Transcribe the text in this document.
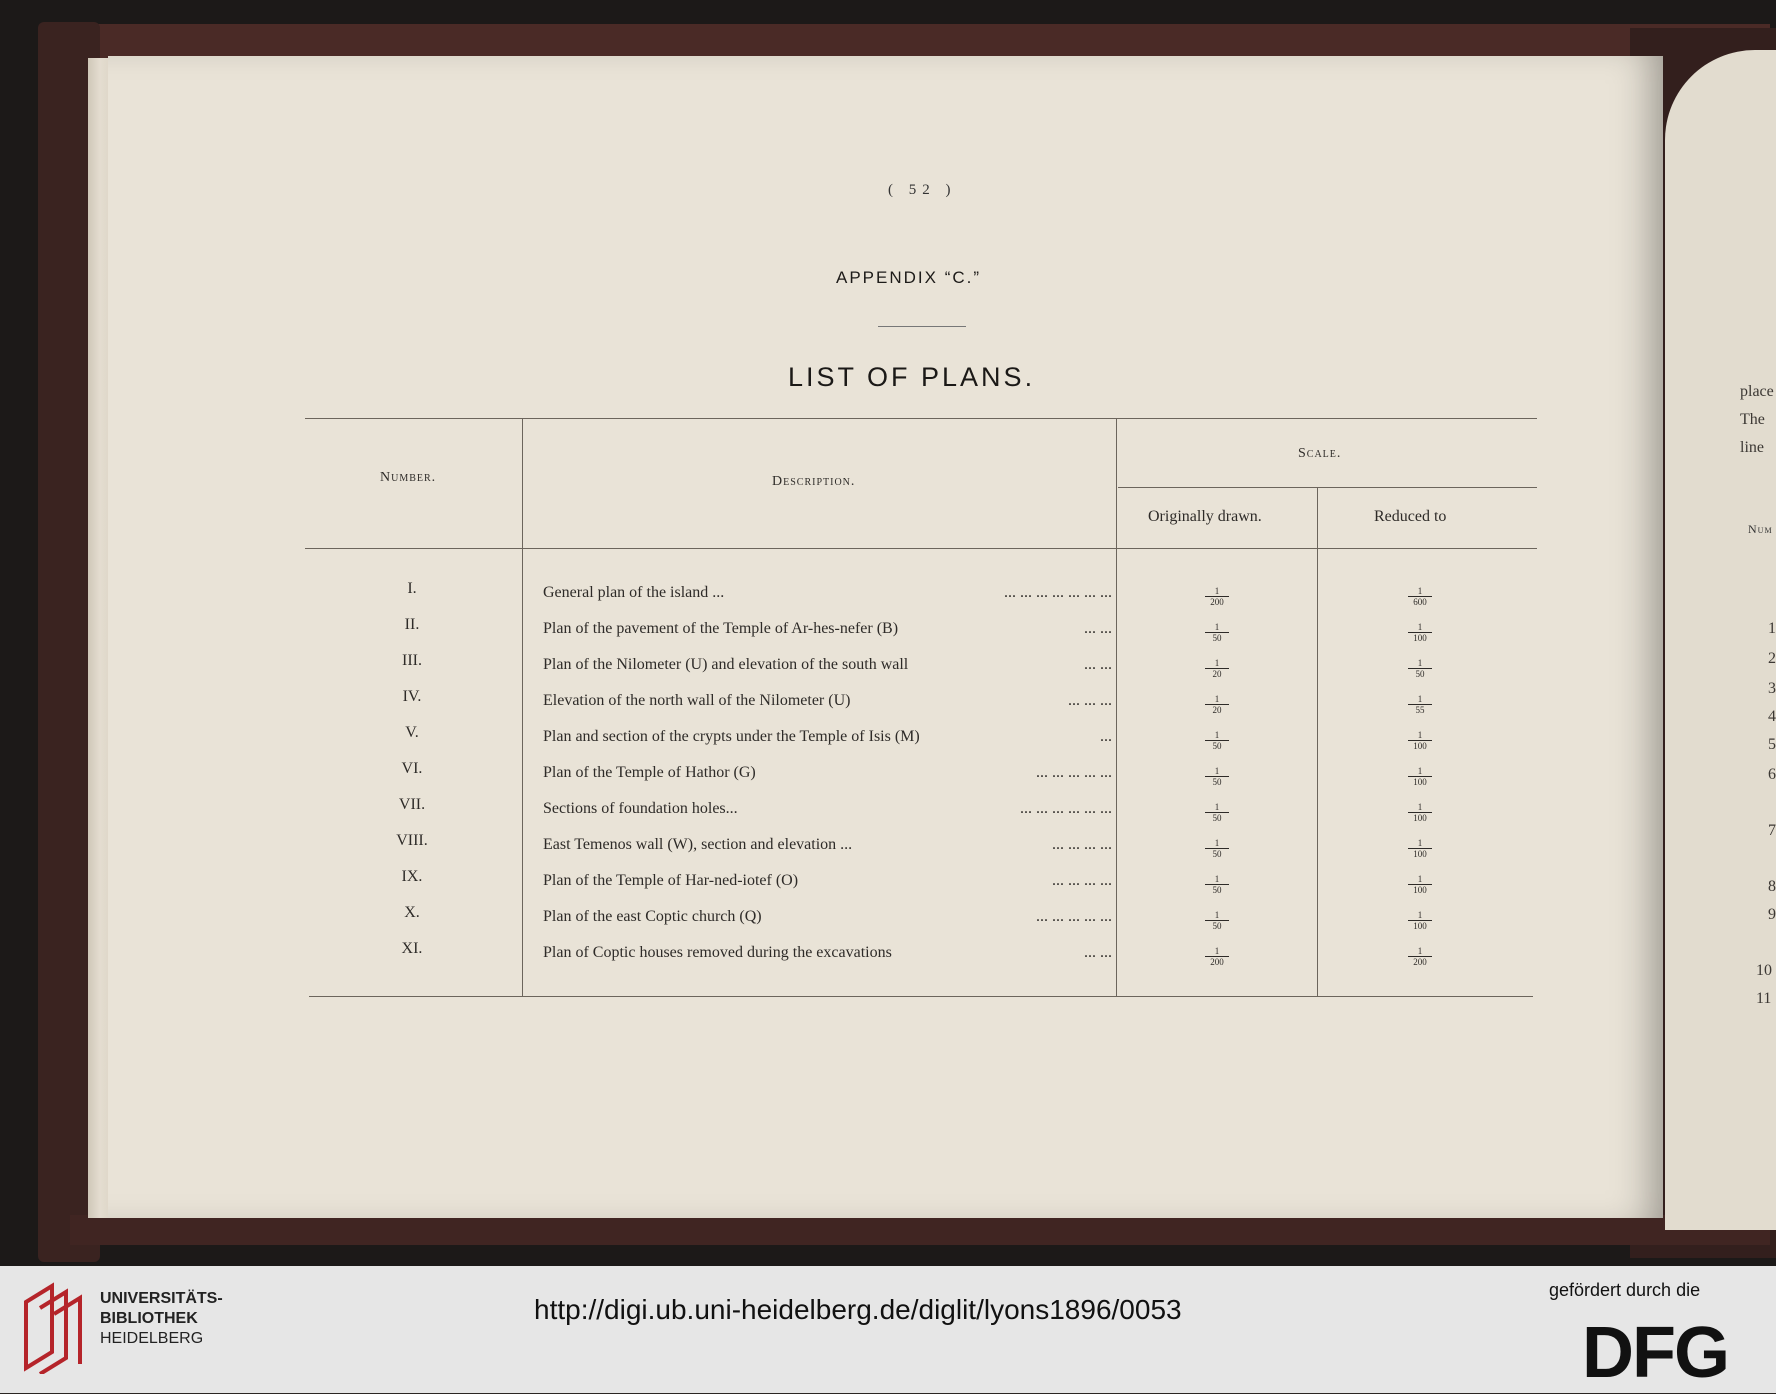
( 52 )
APPENDIX “C.”
LIST OF PLANS.
Number.	Description.
Scale.
Originally drawn.	Reduced to
I.	General plan of the island ...	... ... ... ... ... ... ...	$\frac{1}{200}$	$\frac{1}{600}$
II.	Plan of the pavement of the Temple of Ar-hes-nefer (B)	... ...	$\frac{1}{50}$	$\frac{1}{100}$
III.	Plan of the Nilometer (U) and elevation of the south wall	... ...	$\frac{1}{20}$	$\frac{1}{50}$
IV.	Elevation of the north wall of the Nilometer (U)	... ... ...	$\frac{1}{20}$	$\frac{1}{55}$
V.	Plan and section of the crypts under the Temple of Isis (M)	...	$\frac{1}{50}$	$\frac{1}{100}$
VI.	Plan of the Temple of Hathor (G)	... ... ... ... ...	$\frac{1}{50}$	$\frac{1}{100}$
VII.	Sections of foundation holes...	... ... ... ... ... ...	$\frac{1}{50}$	$\frac{1}{100}$
VIII.	East Temenos wall (W), section and elevation ...	... ... ... ...	$\frac{1}{50}$	$\frac{1}{100}$
IX.	Plan of the Temple of Har-ned-iotef (O)	... ... ... ...	$\frac{1}{50}$	$\frac{1}{100}$
X.	Plan of the east Coptic church (Q)	... ... ... ... ...	$\frac{1}{50}$	$\frac{1}{100}$
XI.	Plan of Coptic houses removed during the excavations	... ...	$\frac{1}{200}$	$\frac{1}{200}$
place
The
line
Num
1
2
3
4
5
6
7
8
9
10
11
UNIVERSITÄTS-
BIBLIOTHEK
HEIDELBERG
http://digi.ub.uni-heidelberg.de/diglit/lyons1896/0053
gefördert durch die
DFG
